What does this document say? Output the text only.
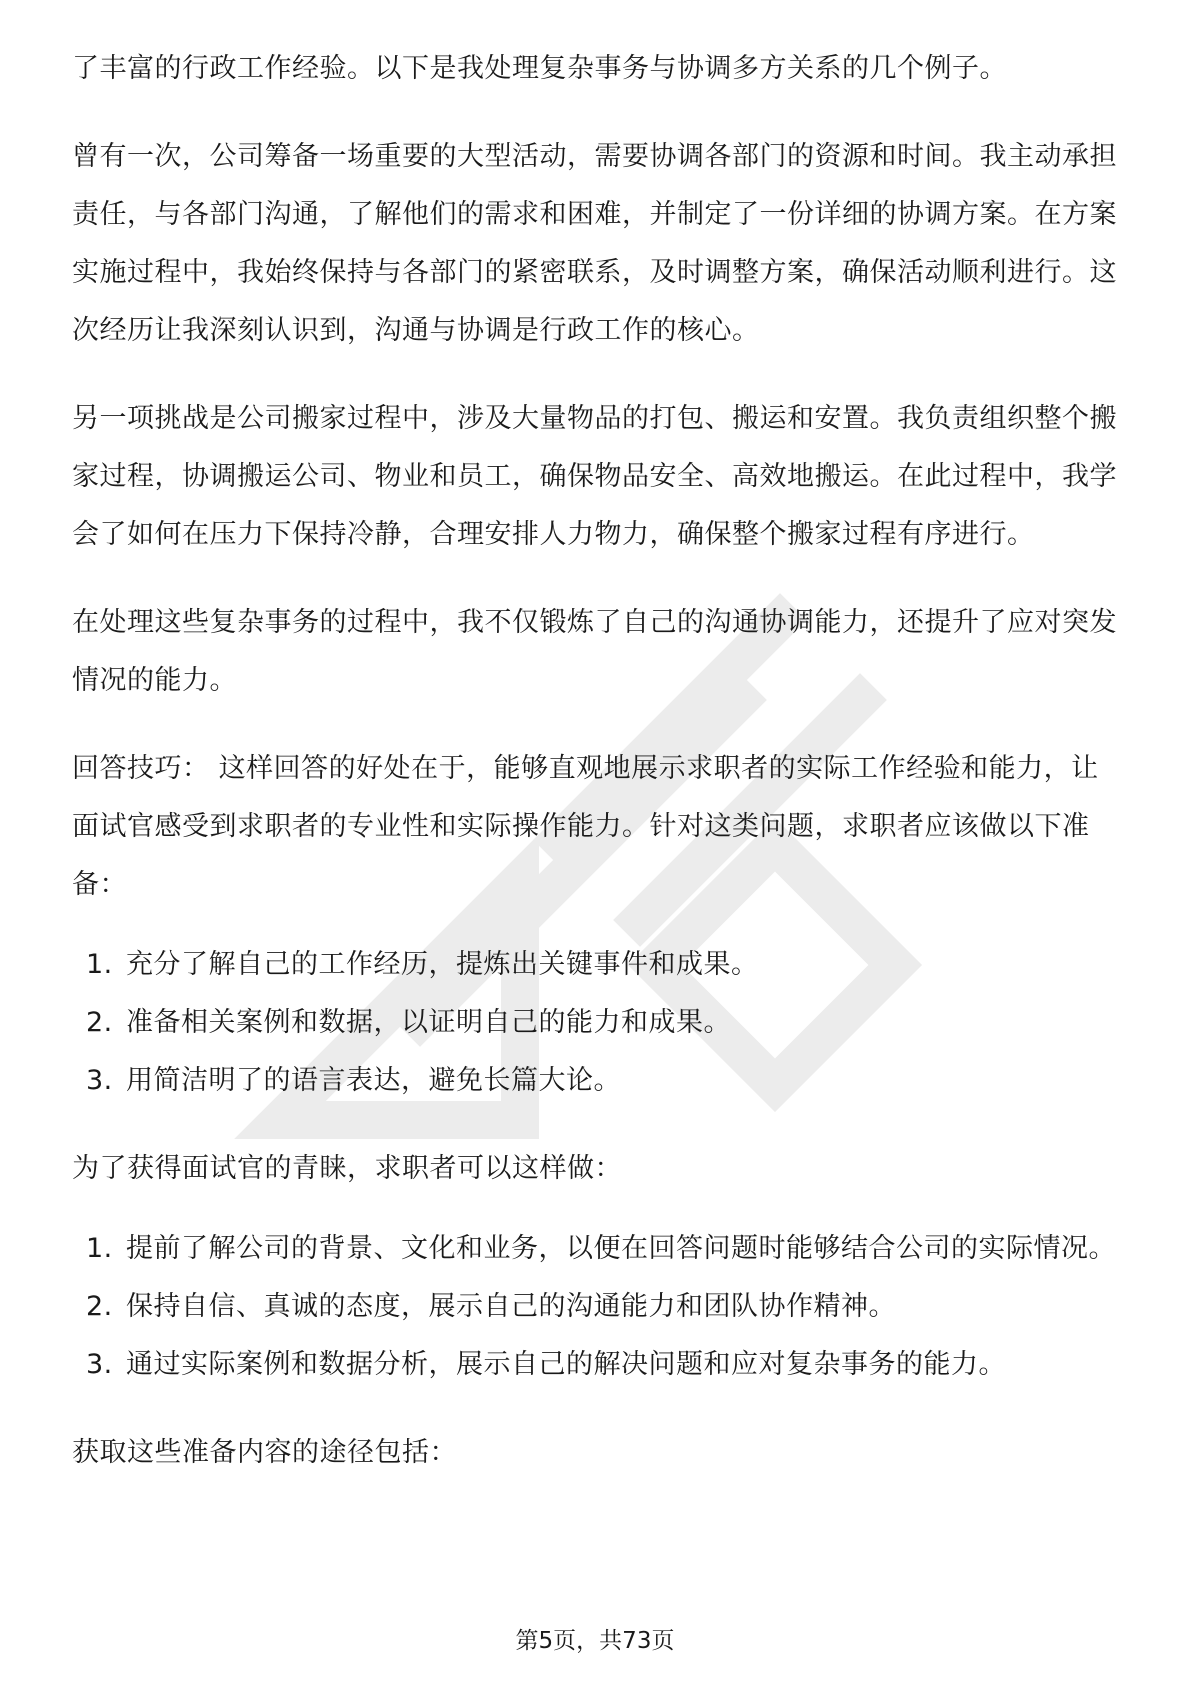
了丰富的行政工作经验。以下是我处理复杂事务与协调多方关系的几个例子。

曾有一次，公司筹备一场重要的大型活动，需要协调各部门的资源和时间。我主动承担责任，与各部门沟通，了解他们的需求和困难，并制定了一份详细的协调方案。在方案实施过程中，我始终保持与各部门的紧密联系，及时调整方案，确保活动顺利进行。这次经历让我深刻认识到，沟通与协调是行政工作的核心。

另一项挑战是公司搬家过程中，涉及大量物品的打包、搬运和安置。我负责组织整个搬家过程，协调搬运公司、物业和员工，确保物品安全、高效地搬运。在此过程中，我学会了如何在压力下保持冷静，合理安排人力物力，确保整个搬家过程有序进行。

在处理这些复杂事务的过程中，我不仅锻炼了自己的沟通协调能力，还提升了应对突发情况的能力。

回答技巧： 这样回答的好处在于，能够直观地展示求职者的实际工作经验和能力，让面试官感受到求职者的专业性和实际操作能力。针对这类问题，求职者应该做以下准备：

1. 充分了解自己的工作经历，提炼出关键事件和成果。
2. 准备相关案例和数据，以证明自己的能力和成果。
3. 用简洁明了的语言表达，避免长篇大论。

为了获得面试官的青睐，求职者可以这样做：

1. 提前了解公司的背景、文化和业务，以便在回答问题时能够结合公司的实际情况。
2. 保持自信、真诚的态度，展示自己的沟通能力和团队协作精神。
3. 通过实际案例和数据分析，展示自己的解决问题和应对复杂事务的能力。

获取这些准备内容的途径包括：

第5页，共73页
